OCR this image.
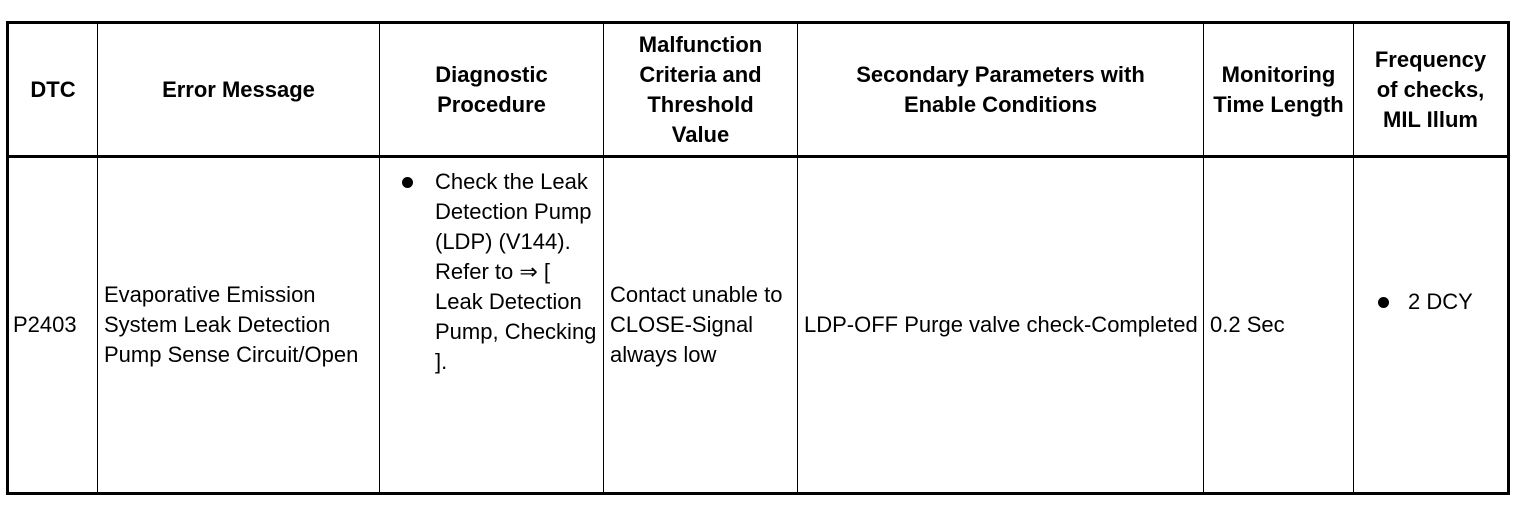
DTC	Error Message	Diagnostic Procedure	Malfunction Criteria and Threshold Value	Secondary Parameters with Enable Conditions	Monitoring Time Length	Frequency of checks, MIL Illum
P2403	Evaporative Emission System Leak Detection Pump Sense Circuit/Open	Check the Leak Detection Pump (LDP) (V144). Refer to ⇒ [ Leak Detection Pump, Checking ].	Contact unable to CLOSE-Signal always low	LDP-OFF Purge valve check-Completed	0.2 Sec	2 DCY
